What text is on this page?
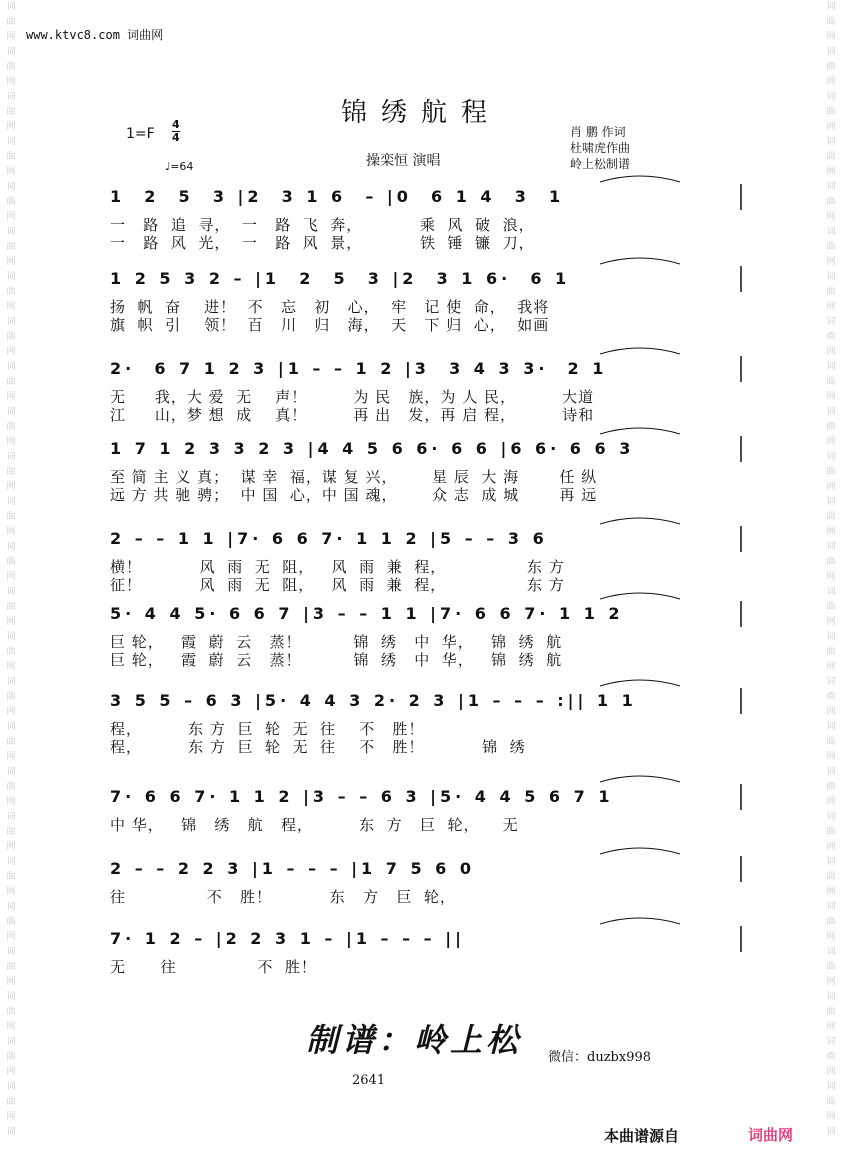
词
曲
网
词
曲
网
词
曲
网
词
曲
网
词
曲
网
词
曲
网
词
曲
网
词
曲
网
词
曲
网
词
曲
网
词
曲
网
词
曲
网
词
曲
网
词
曲
网
词
曲
网
词
曲
网
词
曲
网
词
曲
网
词
曲
网
词
曲
网
词
曲
网
词
曲
网
词
曲
网
词
曲
网
词
曲
网
词

词
曲
网
词
曲
网
词
曲
网
词
曲
网
词
曲
网
词
曲
网
词
曲
网
词
曲
网
词
曲
网
词
曲
网
词
曲
网
词
曲
网
词
曲
网
词
曲
网
词
曲
网
词
曲
网
词
曲
网
词
曲
网
词
曲
网
词
曲
网
词
曲
网
词
曲
网
词
曲
网
词
曲
网
词
曲
网
词

www.ktvc8.com 词曲网
锦绣航程
1=F
4
4
♩=64	操栾恒 演唱
肖 鹏 作词
杜啸虎作曲
岭上松制谱
1  2  5  3 |2  3 1 6  – |0  6 1 4  3  1
一   路  追  寻，  一   路  飞  奔，          乘  风  破  浪，
一   路  风  光，  一   路  风  景，          铁  锤  镰  刀，
1 2 5 3 2 – |1  2  5  3 |2  3 1 6·  6 1
扬  帆  奋    进！  不   忘   初   心，  牢   记 使  命，  我将
旗  帜  引    领！  百   川   归   海，  天   下 归  心，  如画
2·  6 7 1 2 3 |1 – – 1 2 |3  3 4 3 3·  2 1
无     我，大 爱  无    声！        为 民   族，为 人 民，        大道
江     山，梦 想  成    真！        再 出   发，再 启 程，        诗和
1 7 1 2 3 3 2 3 |4 4 5 6 6· 6 6 |6 6· 6 6 3
至 简 主 义 真；  谋 幸  福，谋 复 兴，      星 辰  大 海       任 纵
远 方 共 驰 骋；  中 国  心，中 国 魂，      众 志  成 城       再 远
2 – – 1 1 |7· 6 6 7· 1 1 2 |5 – – 3 6
横！          风  雨  无  阻，   风  雨  兼  程，              东 方
征！          风  雨  无  阻，   风  雨  兼  程，              东 方
5· 4 4 5· 6 6 7 |3 – – 1 1 |7· 6 6 7· 1 1 2
巨 轮，   霞  蔚  云   蒸！         锦  绣   中  华，   锦  绣  航
巨 轮，   霞  蔚  云   蒸！         锦  绣   中  华，   锦  绣  航
3 5 5 – 6 3 |5· 4 4 3 2· 2 3 |1 – – – :|| 1 1
程，        东 方  巨  轮  无  往    不   胜！
程，        东 方  巨  轮  无  往    不   胜！          锦  绣
7· 6 6 7· 1 1 2 |3 – – 6 3 |5· 4 4 5 6 7 1
中 华，   锦   绣   航   程，        东  方   巨  轮，    无
2 – – 2 2 3 |1 – – – |1 7 5 6 0
往              不   胜！          东   方   巨  轮，
7· 1 2 – |2 2 3 1 – |1 – – – ||
无      往              不  胜！
制谱：岭上松 微信：duzbx998
2641
本曲谱源自	词曲网
